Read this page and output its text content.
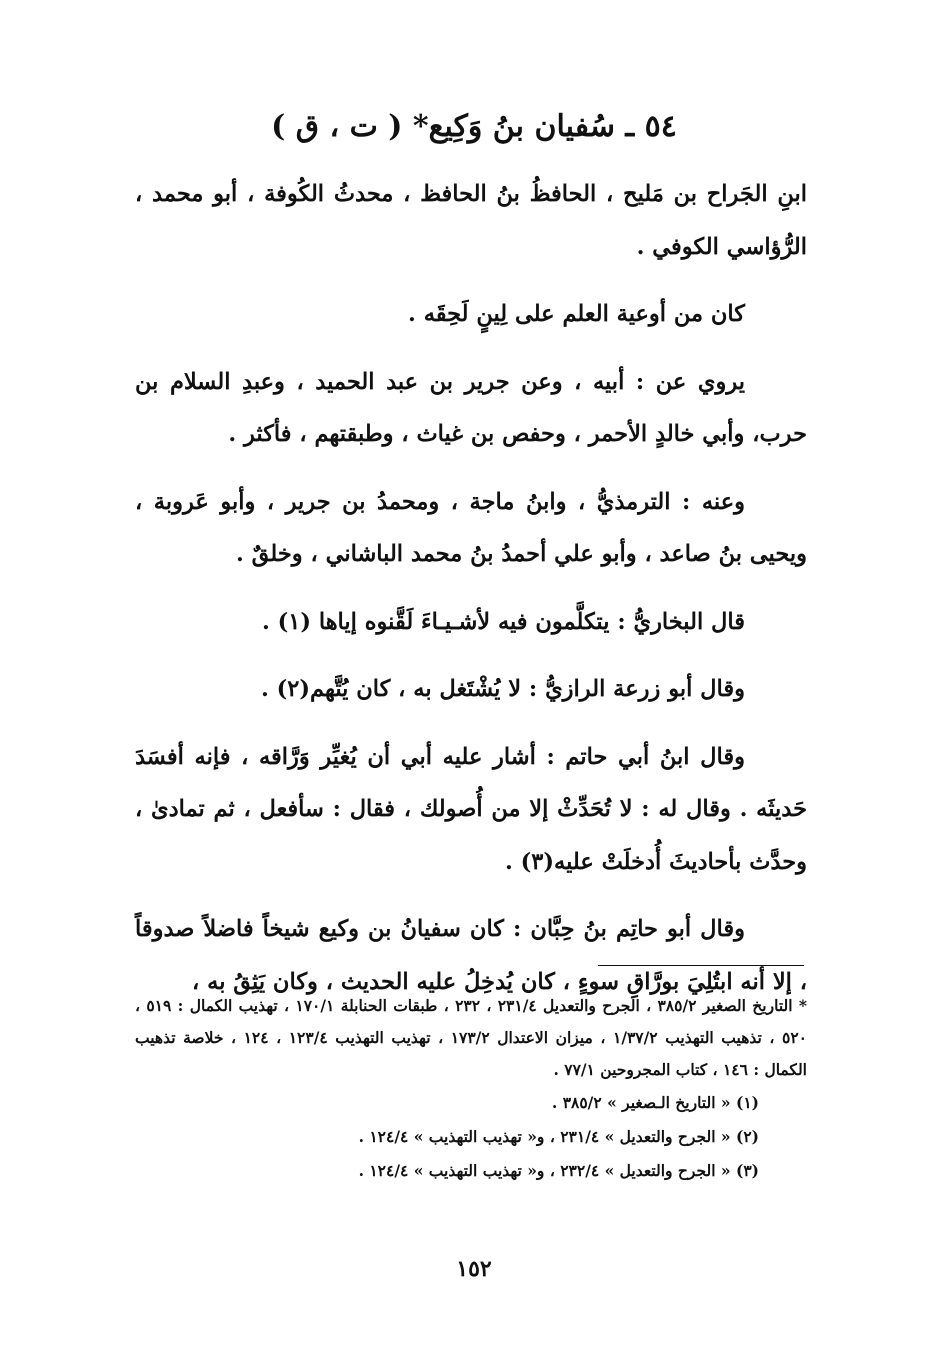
٥٤ ـ سُفيان بنُ وَكِيع* ( ت ، ق )

ابنِ الجَراح بن مَليح ، الحافظُ بنُ الحافظ ، محدثُ الكُوفة ، أبو محمد ، الرُّؤاسي الكوفي .

كان من أوعية العلم على لِينٍ لَحِقَه .

يروي عن : أبيه ، وعن جرير بن عبد الحميد ، وعبدِ السلام بن حرب، وأبي خالدٍ الأحمر ، وحفص بن غياث ، وطبقتهم ، فأكثر .

وعنه : الترمذيُّ ، وابنُ ماجة ، ومحمدُ بن جرير ، وأبو عَروبة ، ويحيى بنُ صاعد ، وأبو علي أحمدُ بنُ محمد الباشاني ، وخلقٌ .

قال البخاريُّ : يتكلَّمون فيه لأشـيـاءَ لَقَّنوه إياها (١) .

وقال أبو زرعة الرازيُّ : لا يُشْتَغل به ، كان يُتَّهم(٢) .

وقال ابنُ أبي حاتم : أشار عليه أبي أن يُغيِّر وَرَّاقه ، فإنه أفسَدَ حَديثَه . وقال له : لا تُحَدِّثْ إلا من أُصولك ، فقال : سأفعل ، ثم تمادىٰ ، وحدَّث بأحاديثَ أُدخلَتْ عليه(٣) .

وقال أبو حاتِم بنُ حِبَّان : كان سفيانُ بن وكيع شيخاً فاضلاً صدوقاً ، إلا أنه ابتُلِيَ بورَّاقِ سوءٍ ، كان يُدخِلُ عليه الحديث ، وكان يَثِقُ به ،

* التاريخ الصغير ٣٨٥/٢ ، الجرح والتعديل ٢٣١/٤ ، ٢٣٢ ، طبقات الحنابلة ١٧٠/١ ، تهذيب الكمال : ٥١٩ ، ٥٢٠ ، تذهيب التهذيب ١/٣٧/٢ ، ميزان الاعتدال ١٧٣/٢ ، تهذيب التهذيب ١٢٣/٤ ، ١٢٤ ، خلاصة تذهيب الكمال : ١٤٦ ، كتاب المجروحين ٧٧/١ .

(١) « التاريخ الـصغير » ٣٨٥/٢ .

(٢) « الجرح والتعديل » ٢٣١/٤ ، و« تهذيب التهذيب » ١٢٤/٤ .

(٣) « الجرح والتعديل » ٢٣٢/٤ ، و« تهذيب التهذيب » ١٢٤/٤ .

١٥٢
